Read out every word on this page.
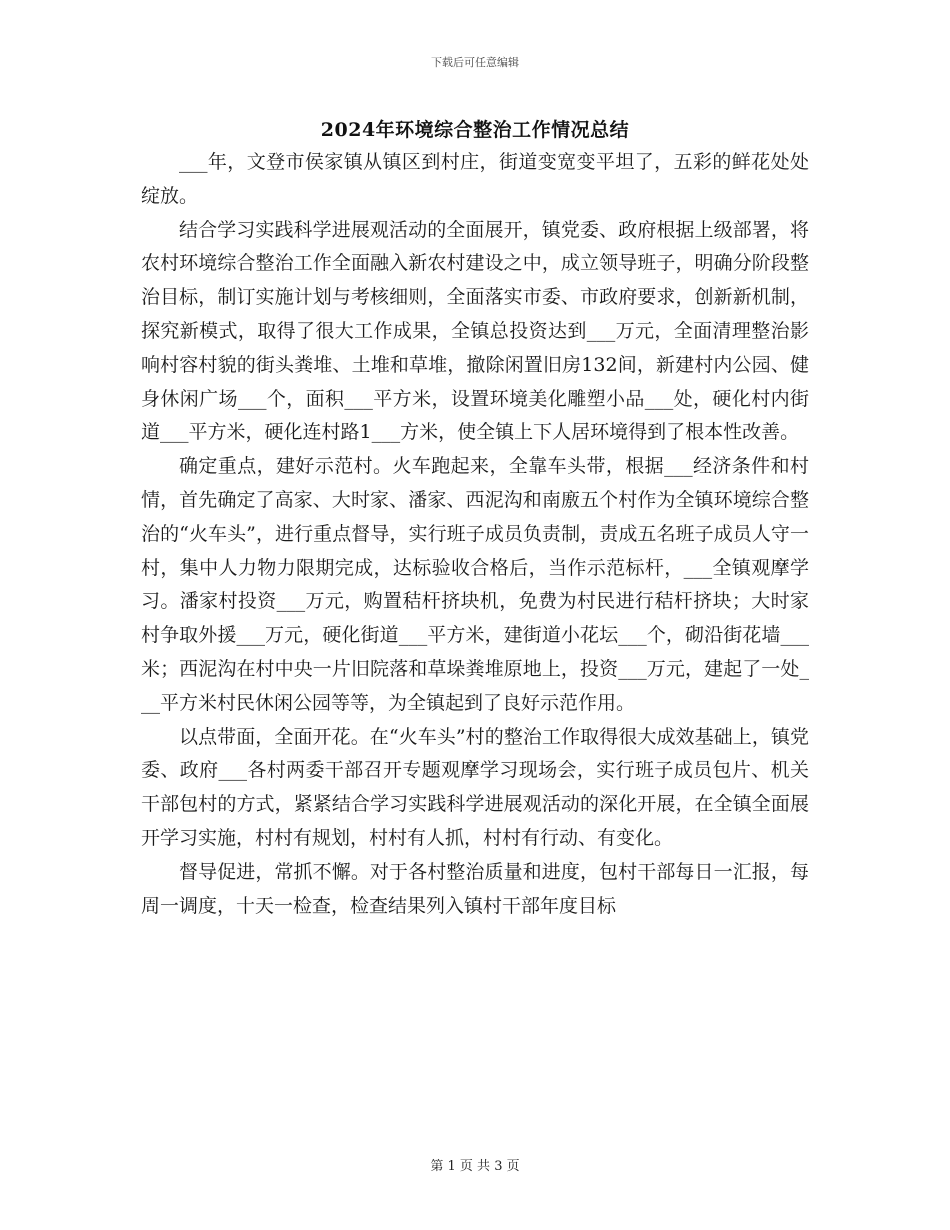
下载后可任意编辑
2024年环境综合整治工作情况总结

___年，文登市侯家镇从镇区到村庄，街道变宽变平坦了，五彩的鲜花处处绽放。

结合学习实践科学进展观活动的全面展开，镇党委、政府根据上级部署，将农村环境综合整治工作全面融入新农村建设之中，成立领导班子，明确分阶段整治目标，制订实施计划与考核细则，全面落实市委、市政府要求，创新新机制，探究新模式，取得了很大工作成果，全镇总投资达到___万元，全面清理整治影响村容村貌的街头粪堆、土堆和草堆，撤除闲置旧房132间，新建村内公园、健身休闲广场___个，面积___平方米，设置环境美化雕塑小品___处，硬化村内街道___平方米，硬化连村路1___方米，使全镇上下人居环境得到了根本性改善。

确定重点，建好示范村。火车跑起来，全靠车头带，根据___经济条件和村情，首先确定了高家、大时家、潘家、西泥沟和南廒五个村作为全镇环境综合整治的“火车头”，进行重点督导，实行班子成员负责制，责成五名班子成员人守一村，集中人力物力限期完成，达标验收合格后，当作示范标杆，___全镇观摩学习。潘家村投资___万元，购置秸杆挤块机，免费为村民进行秸杆挤块；大时家村争取外援___万元，硬化街道___平方米，建街道小花坛___个，砌沿街花墙___米；西泥沟在村中央一片旧院落和草垛粪堆原地上，投资___万元，建起了一处___平方米村民休闲公园等等，为全镇起到了良好示范作用。

以点带面，全面开花。在“火车头”村的整治工作取得很大成效基础上，镇党委、政府___各村两委干部召开专题观摩学习现场会，实行班子成员包片、机关干部包村的方式，紧紧结合学习实践科学进展观活动的深化开展，在全镇全面展开学习实施，村村有规划，村村有人抓，村村有行动、有变化。

督导促进，常抓不懈。对于各村整治质量和进度，包村干部每日一汇报，每周一调度，十天一检查，检查结果列入镇村干部年度目标

第 1 页 共 3 页
